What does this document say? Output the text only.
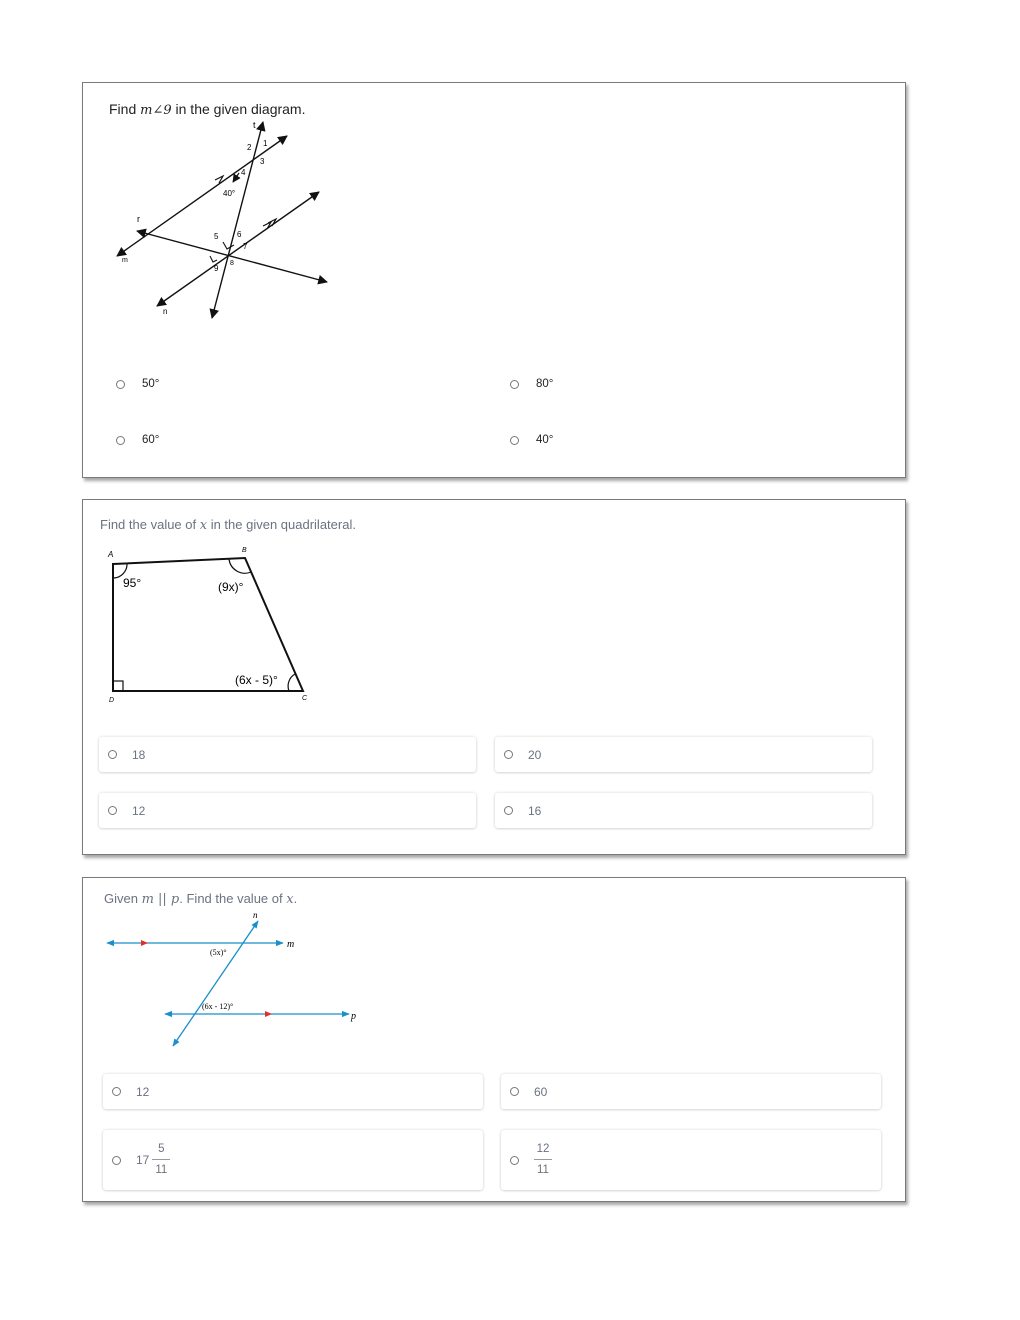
Find m∠9 in the given diagram.
t
r
m
n
1
2
3
4
40°
5 6
7
8
9
50°	80°
60°	40°
Find the value of x in the given quadrilateral.
A	B
C
D
95°	(9x)°
(6x - 5)°
18	20
12	16
Given m || p. Find the value of x.
n
m
p
(5x)°
(6x - 12)°
12	60
$17 \frac{5}{11}$	$\frac{12}{11}$
